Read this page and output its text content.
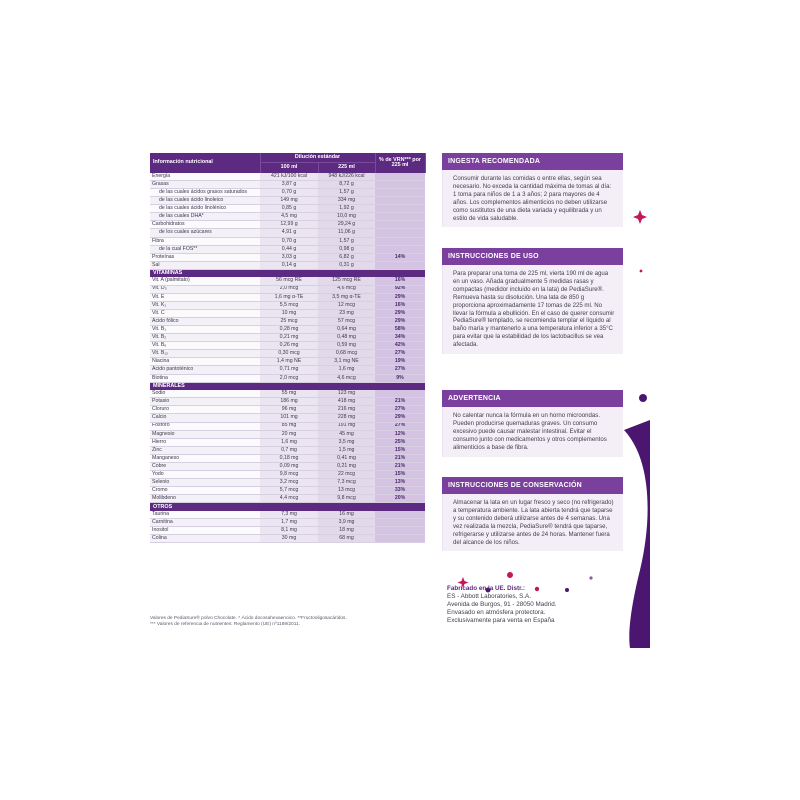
Información nutricional	Dilución estándar		% de VRN*** por 225 ml
	100 ml	225 ml	
Energía	421 kJ/100 kcal	948 kJ/226 kcal	
Grasas	3,87 g	8,72 g	
de las cuales ácidos grasos saturados	0,70 g	1,57 g	
de las cuales ácido linoleico	149 mg	334 mg	
de las cuales ácido linolénico	0,85 g	1,92 g	
de las cuales DHA*	4,5 mg	10,0 mg	
Carbohidratos	12,99 g	29,24 g	
de los cuales azúcares	4,91 g	11,06 g	
Fibra	0,70 g	1,57 g	
de la cual FOS**	0,44 g	0,98 g	
Proteínas	3,03 g	6,82 g	14%
Sal	0,14 g	0,31 g	
VITAMINAS			
Vit. A (palmitato)	56 mcg RE	125 mcg RE	16%
Vit. D₃	2,0 mcg	4,6 mcg	92%
Vit. E	1,6 mg α-TE	3,5 mg α-TE	29%
Vit. K₁	5,5 mcg	12 mcg	16%
Vit. C	10 mg	23 mg	29%
Ácido fólico	25 mcg	57 mcg	29%
Vit. B₁	0,28 mg	0,64 mg	58%
Vit. B₂	0,21 mg	0,48 mg	34%
Vit. B₆	0,26 mg	0,59 mg	42%
Vit. B₁₂	0,30 mcg	0,68 mcg	27%
Niacina	1,4 mg NE	3,1 mg NE	19%
Ácido pantoténico	0,71 mg	1,6 mg	27%
Biotina	2,0 mcg	4,6 mcg	9%
MINERALES			
Sodio	55 mg	123 mg	
Potasio	186 mg	418 mg	21%
Cloruro	96 mg	216 mg	27%
Calcio	101 mg	228 mg	29%
Fósforo	85 mg	191 mg	27%
Magnesio	20 mg	45 mg	12%
Hierro	1,6 mg	3,5 mg	25%
Zinc	0,7 mg	1,5 mg	15%
Manganeso	0,18 mg	0,41 mg	21%
Cobre	0,09 mg	0,21 mg	21%
Yodo	9,8 mcg	22 mcg	15%
Selenio	3,2 mcg	7,3 mcg	13%
Cromo	5,7 mcg	13 mcg	33%
Molibdeno	4,4 mcg	9,8 mcg	20%
OTROS			
Taurina	7,3 mg	16 mg	
Carnitina	1,7 mg	3,9 mg	
Inositol	8,1 mg	18 mg	
Colina	30 mg	68 mg	
Valores de PediaSure® polvo Chocolate. * Ácido docosahexaenoico. **Fructooligosacáridos.
*** Valores de referencia de nutrientes: Reglamento (UE) nº1169/2011.
INGESTA RECOMENDADA
Consumir durante las comidas o entre ellas, según sea necesario. No exceda la cantidad máxima de tomas al día: 1 toma para niños de 1 a 3 años; 2 para mayores de 4 años. Los complementos alimenticios no deben utilizarse como sustitutos de una dieta variada y equilibrada y un estilo de vida saludable.
INSTRUCCIONES DE USO
Para preparar una toma de 225 ml, vierta 190 ml de agua en un vaso. Añada gradualmente 5 medidas rasas y compactas (medidor incluido en la lata) de PediaSure®. Remueva hasta su disolución. Una lata de 850 g proporciona aproximadamente 17 tomas de 225 ml. No llevar la fórmula a ebullición. En el caso de querer consumir PediaSure® templado, se recomienda templar el líquido al baño maría y mantenerlo a una temperatura inferior a 35°C para evitar que la estabilidad de los lactobacillus se vea afectada.
ADVERTENCIA
No calentar nunca la fórmula en un horno microondas. Pueden producirse quemaduras graves. Un consumo excesivo puede causar malestar intestinal. Evitar el consumo junto con medicamentos y otros complementos alimenticios a base de fibra.
INSTRUCCIONES DE CONSERVACIÓN
Almacenar la lata en un lugar fresco y seco (no refrigerado) a temperatura ambiente. La lata abierta tendrá que taparse y su contenido deberá utilizarse antes de 4 semanas. Una vez realizada la mezcla, PediaSure® tendrá que taparse, refrigerarse y utilizarse antes de 24 horas. Mantener fuera del alcance de los niños.
Fabricado en la UE. Distr.:
ES - Abbott Laboratories, S.A.
Avenida de Burgos, 91 - 28050 Madrid.
Envasado en atmósfera protectora.
Exclusivamente para venta en España
